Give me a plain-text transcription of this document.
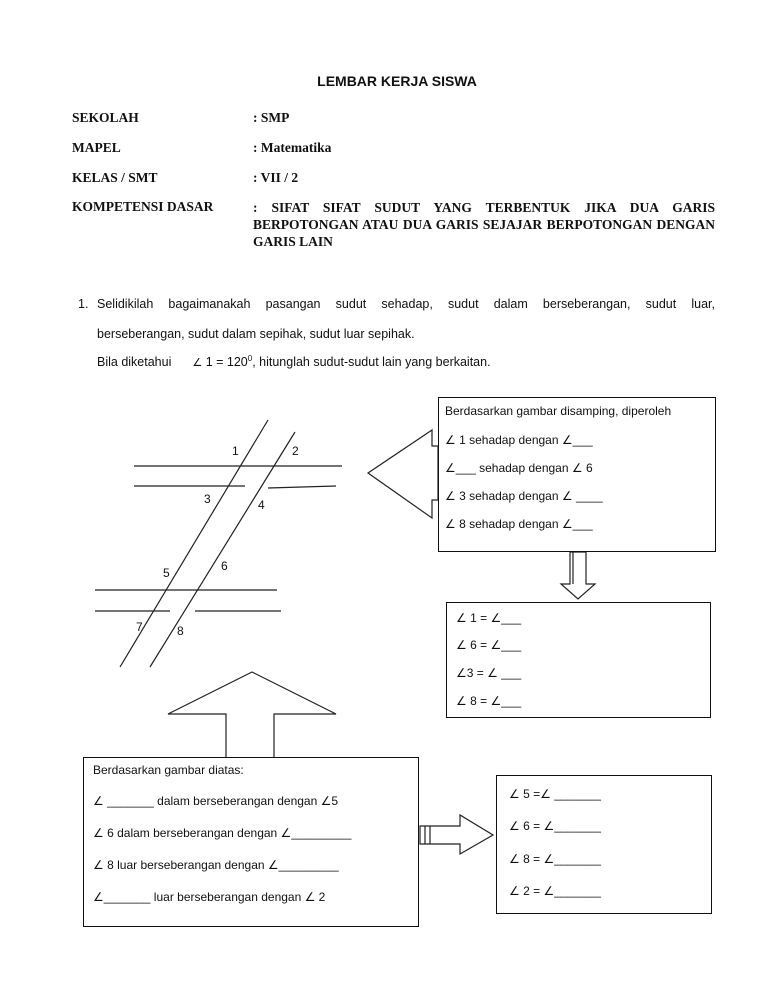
LEMBAR KERJA SISWA
SEKOLAH	: SMP
MAPEL	: Matematika
KELAS / SMT	: VII / 2
KOMPETENSI DASAR	: SIFAT SIFAT SUDUT YANG TERBENTUK JIKA DUA GARIS BERPOTONGAN ATAU DUA GARIS SEJAJAR BERPOTONGAN DENGAN GARIS LAIN
1. Selidikilah bagaimanakah pasangan sudut sehadap, sudut dalam berseberangan, sudut luar,
berseberangan, sudut dalam sepihak, sudut luar sepihak.
Bila diketahui ∠ $1 = 120^0$, hitunglah sudut-sudut lain yang berkaitan.
1	2
3	4
5	6
7	8
Berdasarkan gambar disamping, diperoleh
∠ 1 sehadap dengan ∠___
∠___ sehadap dengan ∠ 6
∠ 3 sehadap dengan ∠ ____
∠ 8 sehadap dengan ∠___
∠ 1 = ∠___
∠ 6 = ∠___
∠3 = ∠ ___
∠ 8 = ∠___
Berdasarkan gambar diatas:
∠ _______ dalam berseberangan dengan ∠5
∠ 6 dalam berseberangan dengan ∠_________
∠ 8 luar berseberangan dengan ∠_________
∠_______ luar berseberangan dengan ∠ 2
∠ 5 =∠ _______
∠ 6 = ∠_______
∠ 8 = ∠_______
∠ 2 = ∠_______
